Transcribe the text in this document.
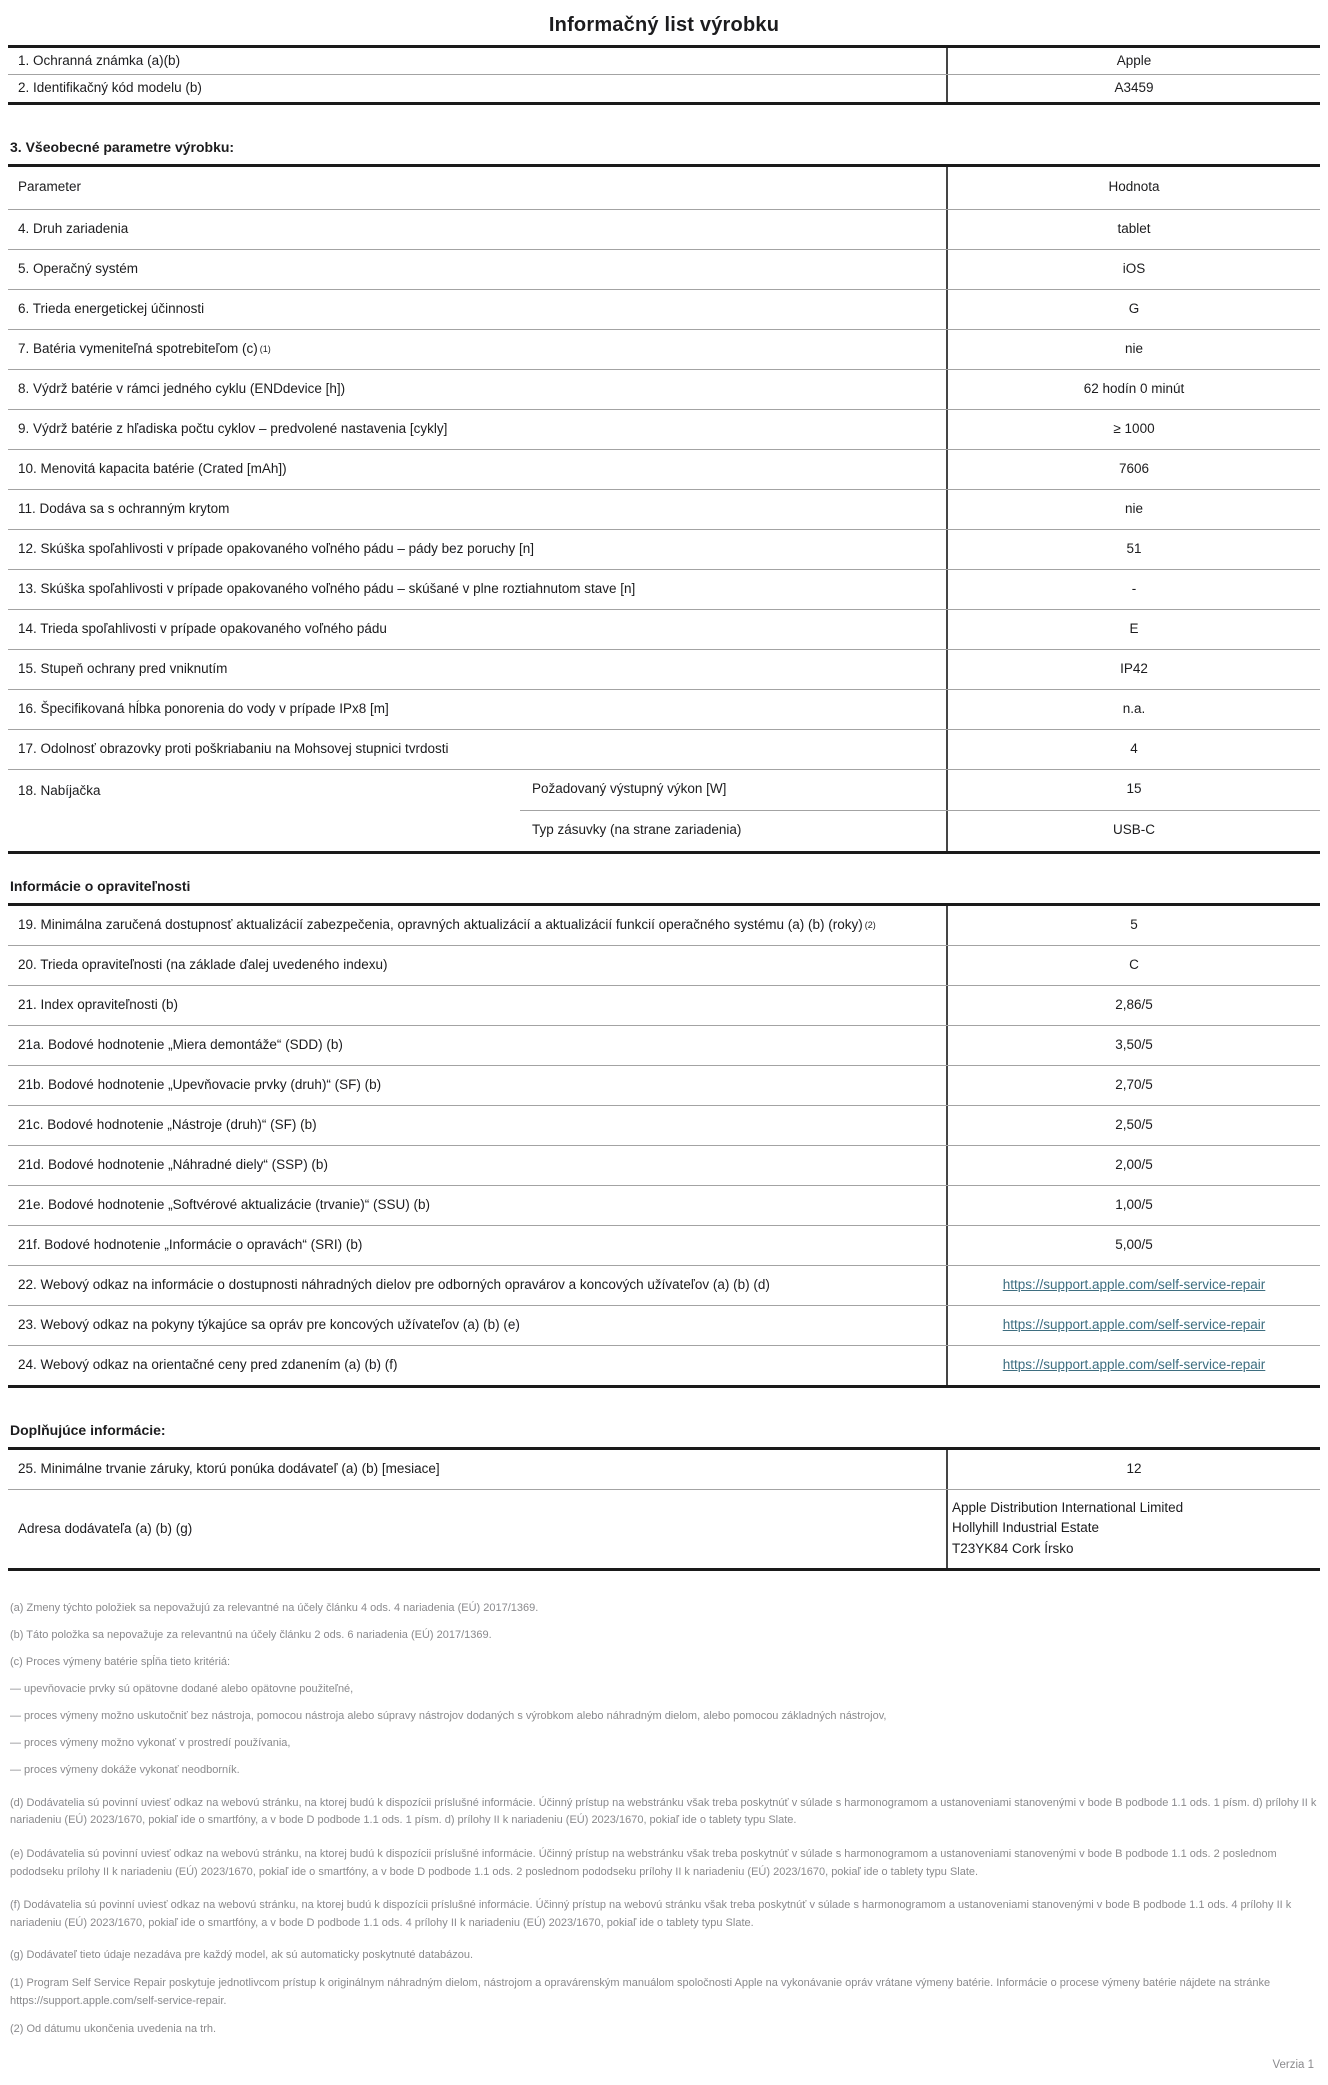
Informačný list výrobku
1. Ochranná známka (a)(b)	Apple
2. Identifikačný kód modelu (b)	A3459
3. Všeobecné parametre výrobku:
Parameter	Hodnota
4. Druh zariadenia	tablet
5. Operačný systém	iOS
6. Trieda energetickej účinnosti	G
7. Batéria vymeniteľná spotrebiteľom (c) (1)	nie
8. Výdrž batérie v rámci jedného cyklu (ENDdevice [h])	62 hodín 0 minút
9. Výdrž batérie z hľadiska počtu cyklov – predvolené nastavenia [cykly]	≥ 1000
10. Menovitá kapacita batérie (Crated [mAh])	7606
11. Dodáva sa s ochranným krytom	nie
12. Skúška spoľahlivosti v prípade opakovaného voľného pádu – pády bez poruchy [n]	51
13. Skúška spoľahlivosti v prípade opakovaného voľného pádu – skúšané v plne roztiahnutom stave [n]	-
14. Trieda spoľahlivosti v prípade opakovaného voľného pádu	E
15. Stupeň ochrany pred vniknutím	IP42
16. Špecifikovaná hĺbka ponorenia do vody v prípade IPx8 [m]	n.a.
17. Odolnosť obrazovky proti poškriabaniu na Mohsovej stupnici tvrdosti	4
18. Nabíjačka	Požadovaný výstupný výkon [W]	15
Typ zásuvky (na strane zariadenia)	USB-C
Informácie o opraviteľnosti
19. Minimálna zaručená dostupnosť aktualizácií zabezpečenia, opravných aktualizácií a aktualizácií funkcií operačného systému (a) (b) (roky) (2)	5
20. Trieda opraviteľnosti (na základe ďalej uvedeného indexu)	C
21. Index opraviteľnosti (b)	2,86/5
21a. Bodové hodnotenie „Miera demontáže“ (SDD) (b)	3,50/5
21b. Bodové hodnotenie „Upevňovacie prvky (druh)“ (SF) (b)	2,70/5
21c. Bodové hodnotenie „Nástroje (druh)“ (SF) (b)	2,50/5
21d. Bodové hodnotenie „Náhradné diely“ (SSP) (b)	2,00/5
21e. Bodové hodnotenie „Softvérové aktualizácie (trvanie)“ (SSU) (b)	1,00/5
21f. Bodové hodnotenie „Informácie o opravách“ (SRI) (b)	5,00/5
22. Webový odkaz na informácie o dostupnosti náhradných dielov pre odborných opravárov a koncových užívateľov (a) (b) (d)	https://support.apple.com/self-service-repair
23. Webový odkaz na pokyny týkajúce sa opráv pre koncových užívateľov (a) (b) (e)	https://support.apple.com/self-service-repair
24. Webový odkaz na orientačné ceny pred zdanením (a) (b) (f)	https://support.apple.com/self-service-repair
Doplňujúce informácie:
25. Minimálne trvanie záruky, ktorú ponúka dodávateľ (a) (b) [mesiace]	12
Adresa dodávateľa (a) (b) (g)
Apple Distribution International Limited
Hollyhill Industrial Estate
T23YK84 Cork Írsko
(a) Zmeny týchto položiek sa nepovažujú za relevantné na účely článku 4 ods. 4 nariadenia (EÚ) 2017/1369.
(b) Táto položka sa nepovažuje za relevantnú na účely článku 2 ods. 6 nariadenia (EÚ) 2017/1369.
(c) Proces výmeny batérie spĺňa tieto kritériá:
— upevňovacie prvky sú opätovne dodané alebo opätovne použiteľné,
— proces výmeny možno uskutočniť bez nástroja, pomocou nástroja alebo súpravy nástrojov dodaných s výrobkom alebo náhradným dielom, alebo pomocou základných nástrojov,
— proces výmeny možno vykonať v prostredí používania,
— proces výmeny dokáže vykonať neodborník.
(d) Dodávatelia sú povinní uviesť odkaz na webovú stránku, na ktorej budú k dispozícii príslušné informácie. Účinný prístup na webstránku však treba poskytnúť v súlade s harmonogramom a ustanoveniami stanovenými v bode B podbode 1.1 ods. 1 písm. d) prílohy II k nariadeniu (EÚ) 2023/1670, pokiaľ ide o smartfóny, a v bode D podbode 1.1 ods. 1 písm. d) prílohy II k nariadeniu (EÚ) 2023/1670, pokiaľ ide o tablety typu Slate.
(e) Dodávatelia sú povinní uviesť odkaz na webovú stránku, na ktorej budú k dispozícii príslušné informácie. Účinný prístup na webstránku však treba poskytnúť v súlade s harmonogramom a ustanoveniami stanovenými v bode B podbode 1.1 ods. 2 poslednom pododseku prílohy II k nariadeniu (EÚ) 2023/1670, pokiaľ ide o smartfóny, a v bode D podbode 1.1 ods. 2 poslednom pododseku prílohy II k nariadeniu (EÚ) 2023/1670, pokiaľ ide o tablety typu Slate.
(f) Dodávatelia sú povinní uviesť odkaz na webovú stránku, na ktorej budú k dispozícii príslušné informácie. Účinný prístup na webovú stránku však treba poskytnúť v súlade s harmonogramom a ustanoveniami stanovenými v bode B podbode 1.1 ods. 4 prílohy II k nariadeniu (EÚ) 2023/1670, pokiaľ ide o smartfóny, a v bode D podbode 1.1 ods. 4 prílohy II k nariadeniu (EÚ) 2023/1670, pokiaľ ide o tablety typu Slate.
(g) Dodávateľ tieto údaje nezadáva pre každý model, ak sú automaticky poskytnuté databázou.
(1) Program Self Service Repair poskytuje jednotlivcom prístup k originálnym náhradným dielom, nástrojom a opravárenským manuálom spoločnosti Apple na vykonávanie opráv vrátane výmeny batérie. Informácie o procese výmeny batérie nájdete na stránke https://support.apple.com/self-service-repair.
(2) Od dátumu ukončenia uvedenia na trh.
Verzia 1
